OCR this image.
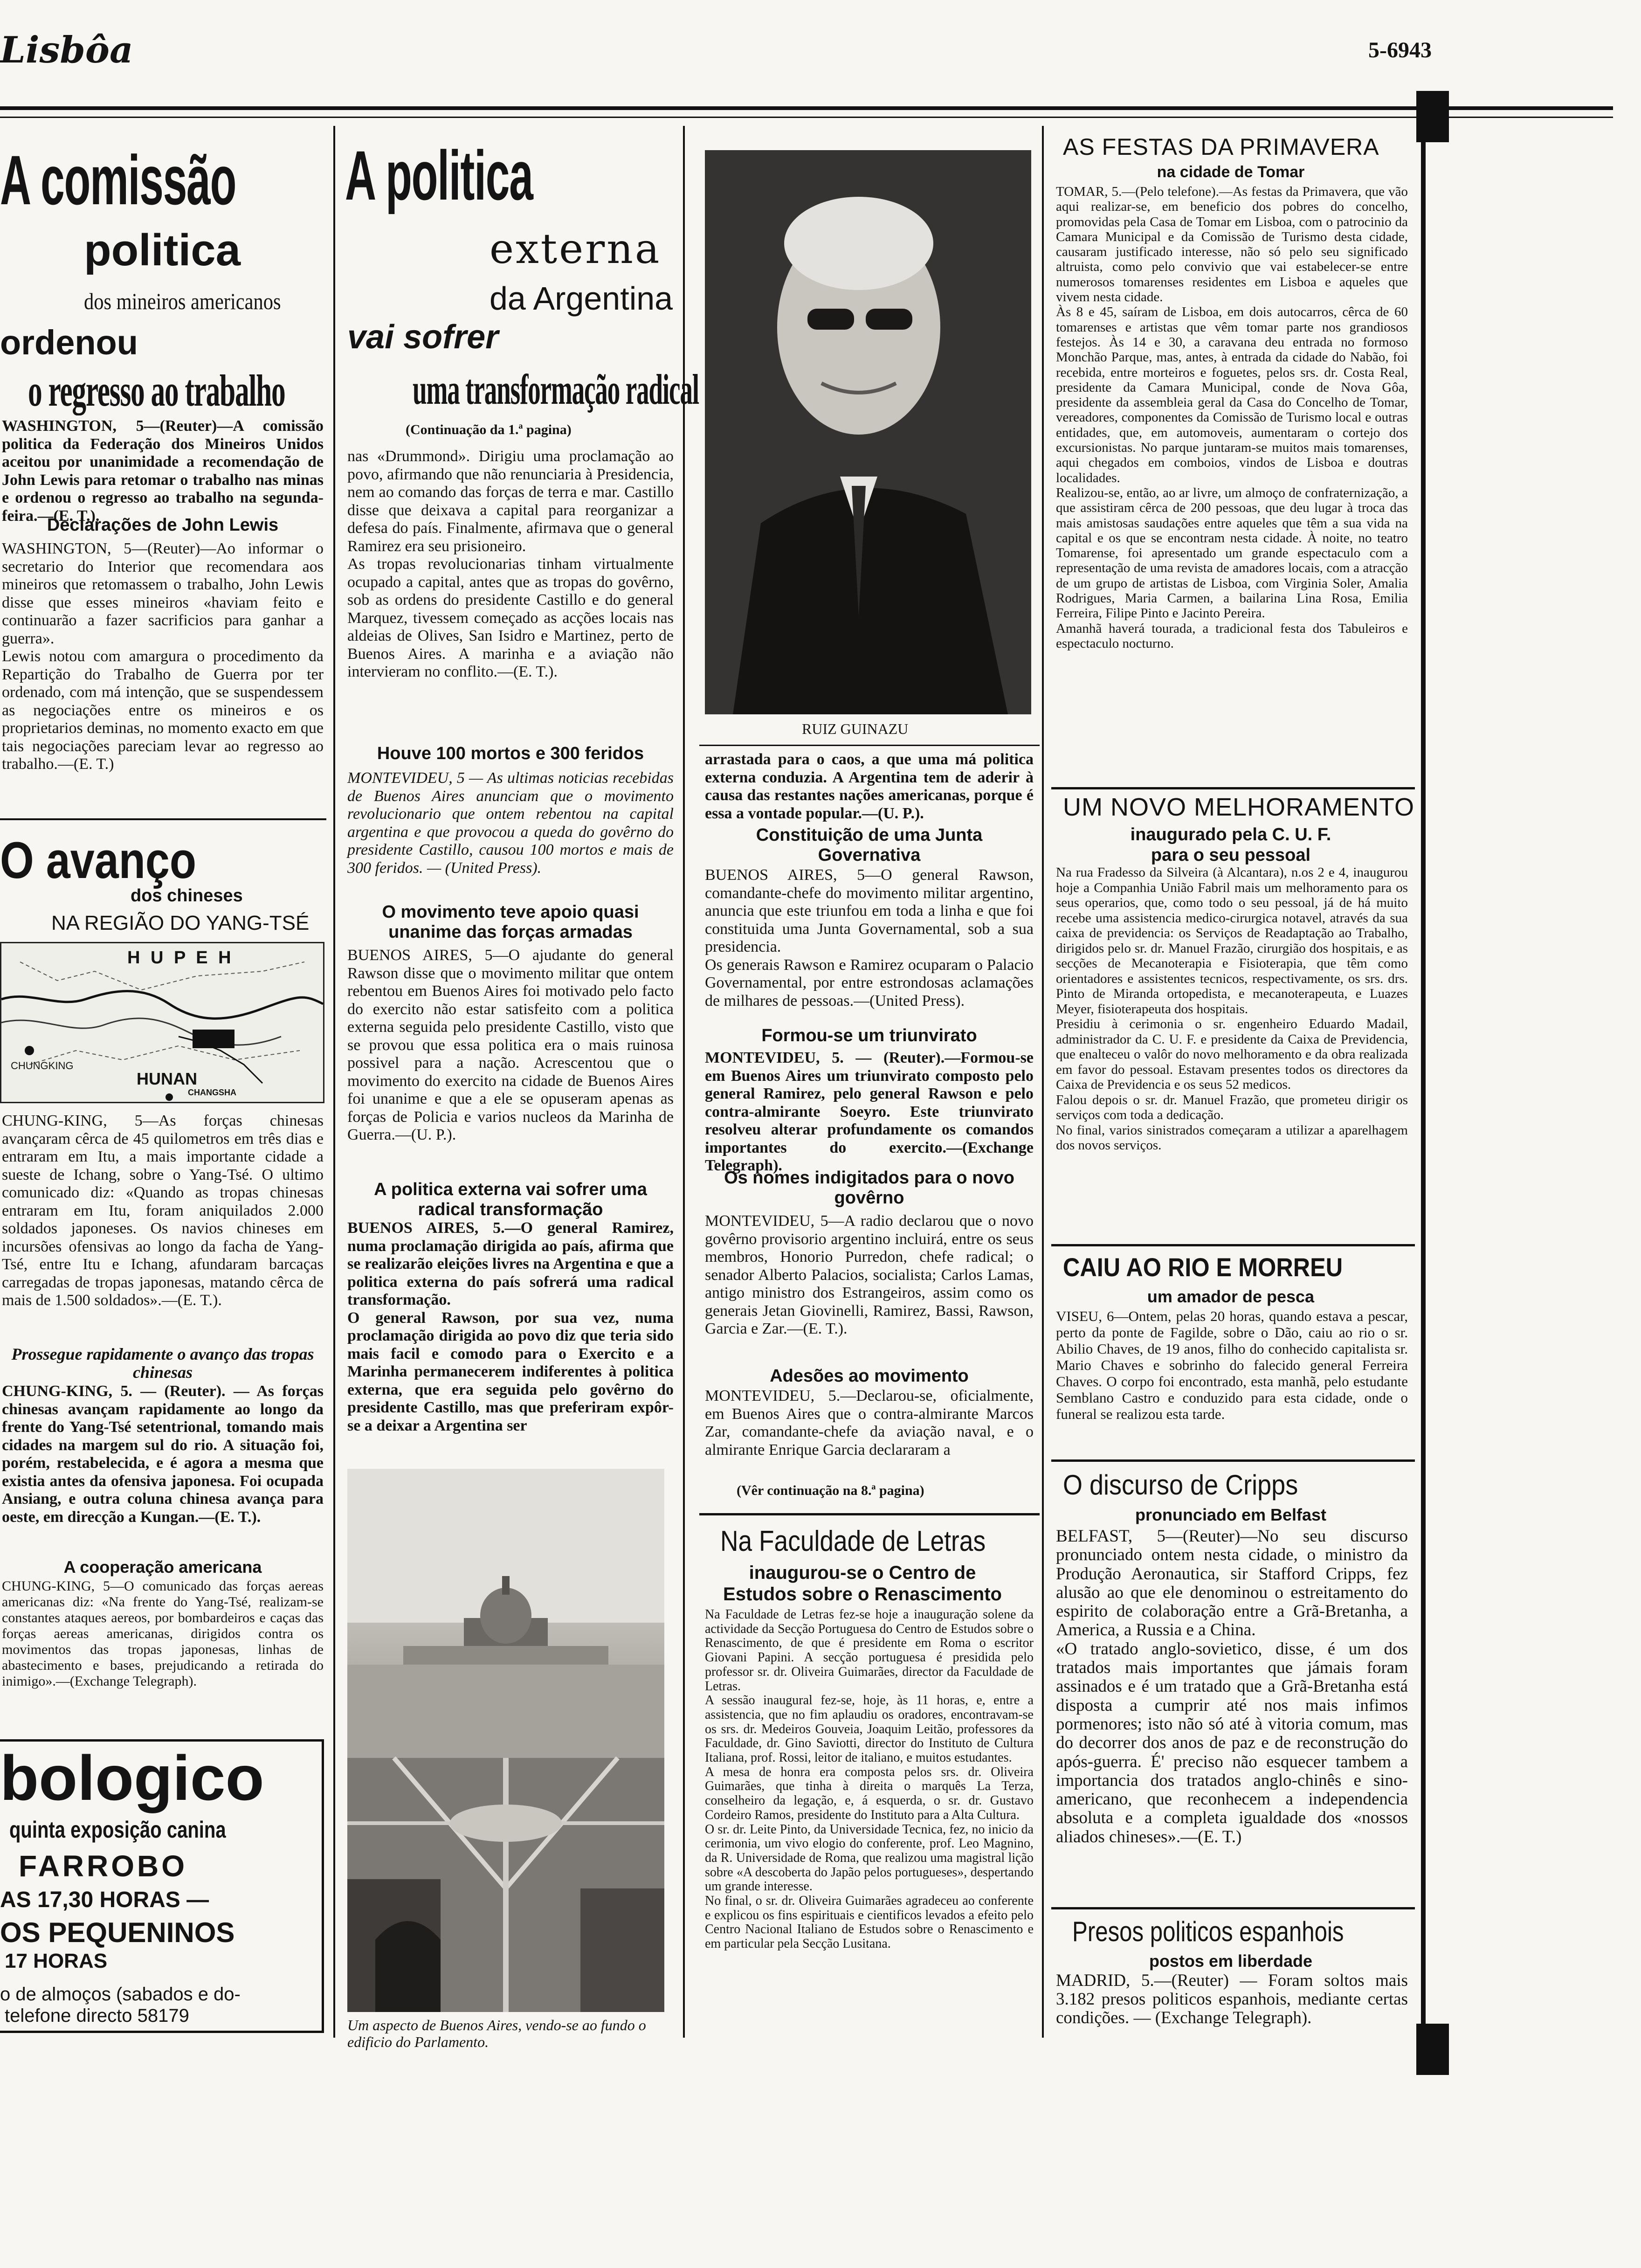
Lisbôa	5-6943
A comissão
politica
dos mineiros americanos
ordenou
o regresso ao trabalho
WASHINGTON, 5—(Reuter)—A comissão politica da Federação dos Mineiros Unidos aceitou por unanimidade a recomendação de John Lewis para retomar o trabalho nas minas e ordenou o regresso ao trabalho na segunda-feira.—(E. T.).
Declarações de John Lewis
WASHINGTON, 5—(Reuter)—Ao informar o secretario do Interior que recomendara aos mineiros que retomassem o trabalho, John Lewis disse que esses mineiros «haviam feito e continuarão a fazer sacrificios para ganhar a guerra».
Lewis notou com amargura o procedimento da Repartição do Trabalho de Guerra por ter ordenado, com má intenção, que se suspendessem as negociações entre os mineiros e os proprietarios deminas, no momento exacto em que tais negociações pareciam levar ao regresso ao trabalho.—(E. T.)
O avanço
dos chineses
NA REGIÃO DO YANG-TSÉ
H U P E H
CHUNGKING
HUNAN
CHANGSHA
CHUNG-KING, 5—As forças chinesas avançaram cêrca de 45 quilometros em três dias e entraram em Itu, a mais importante cidade a sueste de Ichang, sobre o Yang-Tsé. O ultimo comunicado diz: «Quando as tropas chinesas entraram em Itu, foram aniquilados 2.000 soldados japoneses. Os navios chineses em incursões ofensivas ao longo da facha de Yang-Tsé, entre Itu e Ichang, afundaram barcaças carregadas de tropas japonesas, matando cêrca de mais de 1.500 soldados».—(E. T.).
Prossegue rapidamente o avanço das tropas chinesas
CHUNG-KING, 5. — (Reuter). — As forças chinesas avançam rapidamente ao longo da frente do Yang-Tsé setentrional, tomando mais cidades na margem sul do rio. A situação foi, porém, restabelecida, e é agora a mesma que existia antes da ofensiva japonesa. Foi ocupada Ansiang, e outra coluna chinesa avança para oeste, em direcção a Kungan.—(E. T.).
A cooperação americana
CHUNG-KING, 5—O comunicado das forças aereas americanas diz: «Na frente do Yang-Tsé, realizam-se constantes ataques aereos, por bombardeiros e caças das forças aereas americanas, dirigidos contra os movimentos das tropas japonesas, linhas de abastecimento e bases, prejudicando a retirada do inimigo».—(Exchange Telegraph).
bologico
quinta exposição canina
FARROBO
AS 17,30 HORAS —
OS PEQUENINOS
17 HORAS
o de almoços (sabados e do-
telefone directo 58179
A politica
externa
da Argentina
vai sofrer
uma transformação radical
(Continuação da 1.ª pagina)
nas «Drummond». Dirigiu uma proclamação ao povo, afirmando que não renunciaria à Presidencia, nem ao comando das forças de terra e mar. Castillo disse que deixava a capital para reorganizar a defesa do país. Finalmente, afirmava que o general Ramirez era seu prisioneiro.
As tropas revolucionarias tinham virtualmente ocupado a capital, antes que as tropas do govêrno, sob as ordens do presidente Castillo e do general Marquez, tivessem começado as acções locais nas aldeias de Olives, San Isidro e Martinez, perto de Buenos Aires. A marinha e a aviação não intervieram no conflito.—(E. T.).
Houve 100 mortos e 300 feridos
MONTEVIDEU, 5 — As ultimas noticias recebidas de Buenos Aires anunciam que o movimento revolucionario que ontem rebentou na capital argentina e que provocou a queda do govêrno do presidente Castillo, causou 100 mortos e mais de 300 feridos. — (United Press).
O movimento teve apoio quasi unanime das forças armadas
BUENOS AIRES, 5—O ajudante do general Rawson disse que o movimento militar que ontem rebentou em Buenos Aires foi motivado pelo facto do exercito não estar satisfeito com a politica externa seguida pelo presidente Castillo, visto que se provou que essa politica era o mais ruinosa possivel para a nação. Acrescentou que o movimento do exercito na cidade de Buenos Aires foi unanime e que a ele se opuseram apenas as forças de Policia e varios nucleos da Marinha de Guerra.—(U. P.).
A politica externa vai sofrer uma radical transformação
BUENOS AIRES, 5.—O general Ramirez, numa proclamação dirigida ao país, afirma que se realizarão eleições livres na Argentina e que a politica externa do país sofrerá uma radical transformação.
O general Rawson, por sua vez, numa proclamação dirigida ao povo diz que teria sido mais facil e comodo para o Exercito e a Marinha permanecerem indiferentes à politica externa, que era seguida pelo govêrno do presidente Castillo, mas que preferiram expôr-se a deixar a Argentina ser
Um aspecto de Buenos Aires, vendo-se ao fundo o edificio do Parlamento.
RUIZ GUINAZU
arrastada para o caos, a que uma má politica externa conduzia. A Argentina tem de aderir à causa das restantes nações americanas, porque é essa a vontade popular.—(U. P.).
Constituição de uma Junta Governativa
BUENOS AIRES, 5—O general Rawson, comandante-chefe do movimento militar argentino, anuncia que este triunfou em toda a linha e que foi constituida uma Junta Governamental, sob a sua presidencia.
Os generais Rawson e Ramirez ocuparam o Palacio Governamental, por entre estrondosas aclamações de milhares de pessoas.—(United Press).
Formou-se um triunvirato
MONTEVIDEU, 5. — (Reuter).—Formou-se em Buenos Aires um triunvirato composto pelo general Ramirez, pelo general Rawson e pelo contra-almirante Soeyro. Este triunvirato resolveu alterar profundamente os comandos importantes do exercito.—(Exchange Telegraph).
Os nomes indigitados para o novo govêrno
MONTEVIDEU, 5—A radio declarou que o novo govêrno provisorio argentino incluirá, entre os seus membros, Honorio Purredon, chefe radical; o senador Alberto Palacios, socialista; Carlos Lamas, antigo ministro dos Estrangeiros, assim como os generais Jetan Giovinelli, Ramirez, Bassi, Rawson, Garcia e Zar.—(E. T.).
Adesões ao movimento
MONTEVIDEU, 5.—Declarou-se, oficialmente, em Buenos Aires que o contra-almirante Marcos Zar, comandante-chefe da aviação naval, e o almirante Enrique Garcia declararam a
(Vêr continuação na 8.ª pagina)
Na Faculdade de Letras
inaugurou-se o Centro de Estudos sobre o Renascimento
Na Faculdade de Letras fez-se hoje a inauguração solene da actividade da Secção Portuguesa do Centro de Estudos sobre o Renascimento, de que é presidente em Roma o escritor Giovani Papini. A secção portuguesa é presidida pelo professor sr. dr. Oliveira Guimarães, director da Faculdade de Letras.
A sessão inaugural fez-se, hoje, às 11 horas, e, entre a assistencia, que no fim aplaudiu os oradores, encontravam-se os srs. dr. Medeiros Gouveia, Joaquim Leitão, professores da Faculdade, dr. Gino Saviotti, director do Instituto de Cultura Italiana, prof. Rossi, leitor de italiano, e muitos estudantes.
A mesa de honra era composta pelos srs. dr. Oliveira Guimarães, que tinha à direita o marquês La Terza, conselheiro da legação, e, á esquerda, o sr. dr. Gustavo Cordeiro Ramos, presidente do Instituto para a Alta Cultura.
O sr. dr. Leite Pinto, da Universidade Tecnica, fez, no inicio da cerimonia, um vivo elogio do conferente, prof. Leo Magnino, da R. Universidade de Roma, que realizou uma magistral lição sobre «A descoberta do Japão pelos portugueses», despertando um grande interesse.
No final, o sr. dr. Oliveira Guimarães agradeceu ao conferente e explicou os fins espirituais e cientificos levados a efeito pelo Centro Nacional Italiano de Estudos sobre o Renascimento e em particular pela Secção Lusitana.
AS FESTAS DA PRIMAVERA
na cidade de Tomar
TOMAR, 5.—(Pelo telefone).—As festas da Primavera, que vão aqui realizar-se, em beneficio dos pobres do concelho, promovidas pela Casa de Tomar em Lisboa, com o patrocinio da Camara Municipal e da Comissão de Turismo desta cidade, causaram justificado interesse, não só pelo seu significado altruista, como pelo convivio que vai estabelecer-se entre numerosos tomarenses residentes em Lisboa e aqueles que vivem nesta cidade.
Às 8 e 45, saíram de Lisboa, em dois autocarros, cêrca de 60 tomarenses e artistas que vêm tomar parte nos grandiosos festejos. Às 14 e 30, a caravana deu entrada no formoso Monchão Parque, mas, antes, à entrada da cidade do Nabão, foi recebida, entre morteiros e foguetes, pelos srs. dr. Costa Real, presidente da Camara Municipal, conde de Nova Gôa, presidente da assembleia geral da Casa do Concelho de Tomar, vereadores, componentes da Comissão de Turismo local e outras entidades, que, em automoveis, aumentaram o cortejo dos excursionistas. No parque juntaram-se muitos mais tomarenses, aqui chegados em comboios, vindos de Lisboa e doutras localidades.
Realizou-se, então, ao ar livre, um almoço de confraternização, a que assistiram cêrca de 200 pessoas, que deu lugar à troca das mais amistosas saudações entre aqueles que têm a sua vida na capital e os que se encontram nesta cidade. À noite, no teatro Tomarense, foi apresentado um grande espectaculo com a representação de uma revista de amadores locais, com a atracção de um grupo de artistas de Lisboa, com Virginia Soler, Amalia Rodrigues, Maria Carmen, a bailarina Lina Rosa, Emilia Ferreira, Filipe Pinto e Jacinto Pereira.
Amanhã haverá tourada, a tradicional festa dos Tabuleiros e espectaculo nocturno.
UM NOVO MELHORAMENTO
inaugurado pela C. U. F. para o seu pessoal
Na rua Fradesso da Silveira (à Alcantara), n.os 2 e 4, inaugurou hoje a Companhia União Fabril mais um melhoramento para os seus operarios, que, como todo o seu pessoal, já de há muito recebe uma assistencia medico-cirurgica notavel, através da sua caixa de previdencia: os Serviços de Readaptação ao Trabalho, dirigidos pelo sr. dr. Manuel Frazão, cirurgião dos hospitais, e as secções de Mecanoterapia e Fisioterapia, que têm como orientadores e assistentes tecnicos, respectivamente, os srs. drs. Pinto de Miranda ortopedista, e mecanoterapeuta, e Luazes Meyer, fisioterapeuta dos hospitais.
Presidiu à cerimonia o sr. engenheiro Eduardo Madail, administrador da C. U. F. e presidente da Caixa de Previdencia, que enalteceu o valôr do novo melhoramento e da obra realizada em favor do pessoal. Estavam presentes todos os directores da Caixa de Previdencia e os seus 52 medicos.
Falou depois o sr. dr. Manuel Frazão, que prometeu dirigir os serviços com toda a dedicação.
No final, varios sinistrados começaram a utilizar a aparelhagem dos novos serviços.
CAIU AO RIO E MORREU
um amador de pesca
VISEU, 6—Ontem, pelas 20 horas, quando estava a pescar, perto da ponte de Fagilde, sobre o Dão, caiu ao rio o sr. Abilio Chaves, de 19 anos, filho do conhecido capitalista sr. Mario Chaves e sobrinho do falecido general Ferreira Chaves. O corpo foi encontrado, esta manhã, pelo estudante Semblano Castro e conduzido para esta cidade, onde o funeral se realizou esta tarde.
O discurso de Cripps
pronunciado em Belfast
BELFAST, 5—(Reuter)—No seu discurso pronunciado ontem nesta cidade, o ministro da Produção Aeronautica, sir Stafford Cripps, fez alusão ao que ele denominou o estreitamento do espirito de colaboração entre a Grã-Bretanha, a America, a Russia e a China.
«O tratado anglo-sovietico, disse, é um dos tratados mais importantes que jámais foram assinados e é um tratado que a Grã-Bretanha está disposta a cumprir até nos mais infimos pormenores; isto não só até à vitoria comum, mas do decorrer dos anos de paz e de reconstrução do após-guerra. É' preciso não esquecer tambem a importancia dos tratados anglo-chinês e sino-americano, que reconhecem a independencia absoluta e a completa igualdade dos «nossos aliados chineses».—(E. T.)
Presos politicos espanhois
postos em liberdade
MADRID, 5.—(Reuter) — Foram soltos mais 3.182 presos politicos espanhois, mediante certas condições. — (Exchange Telegraph).
